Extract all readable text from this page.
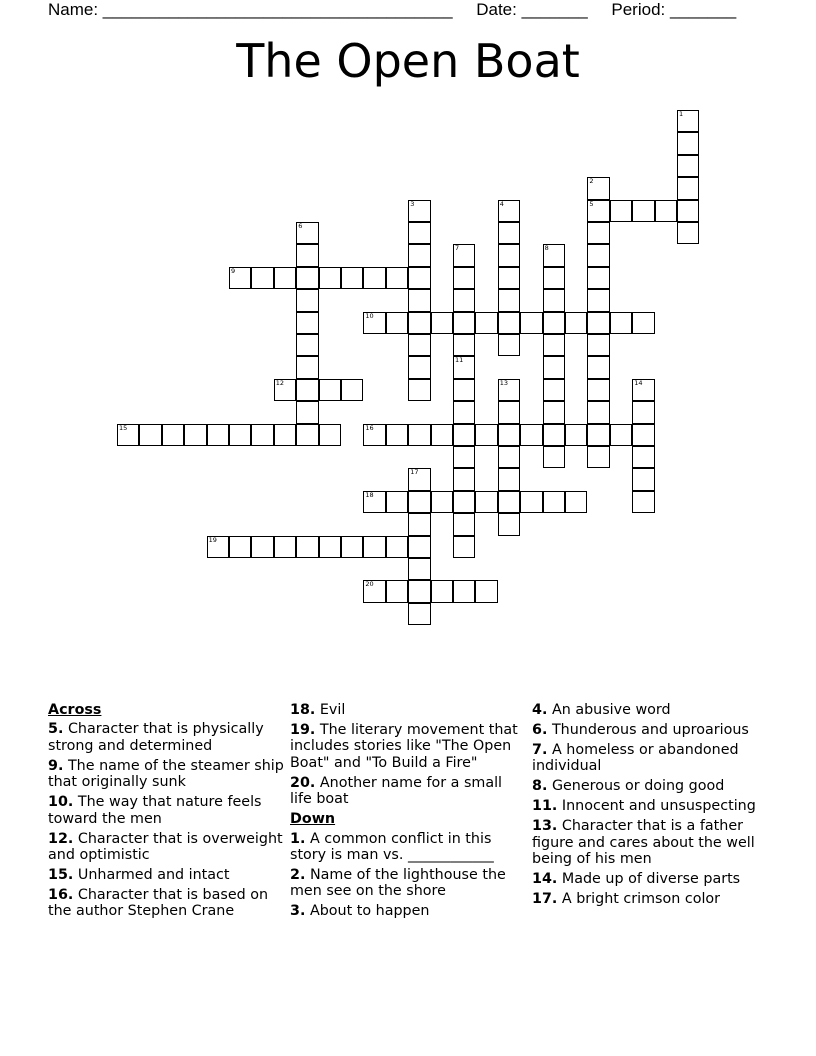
Name: _____________________________________     Date: _______     Period: _______
The Open Boat
1
2
5
3	4
6
7	8
9
10
11
12	13	14
15	16
17
18
19
20
Across
5. Character that is physically strong and determined
9. The name of the steamer ship that originally sunk
10. The way that nature feels toward the men
12. Character that is overweight and optimistic
15. Unharmed and intact
16. Character that is based on the author Stephen Crane
18. Evil
19. The literary movement that includes stories like "The Open Boat" and "To Build a Fire"
20. Another name for a small life boat
Down
1. A common conflict in this story is man vs. ____________
2. Name of the lighthouse the men see on the shore
3. About to happen
4. An abusive word
6. Thunderous and uproarious
7. A homeless or abandoned individual
8. Generous or doing good
11. Innocent and unsuspecting
13. Character that is a father figure and cares about the well being of his men
14. Made up of diverse parts
17. A bright crimson color
